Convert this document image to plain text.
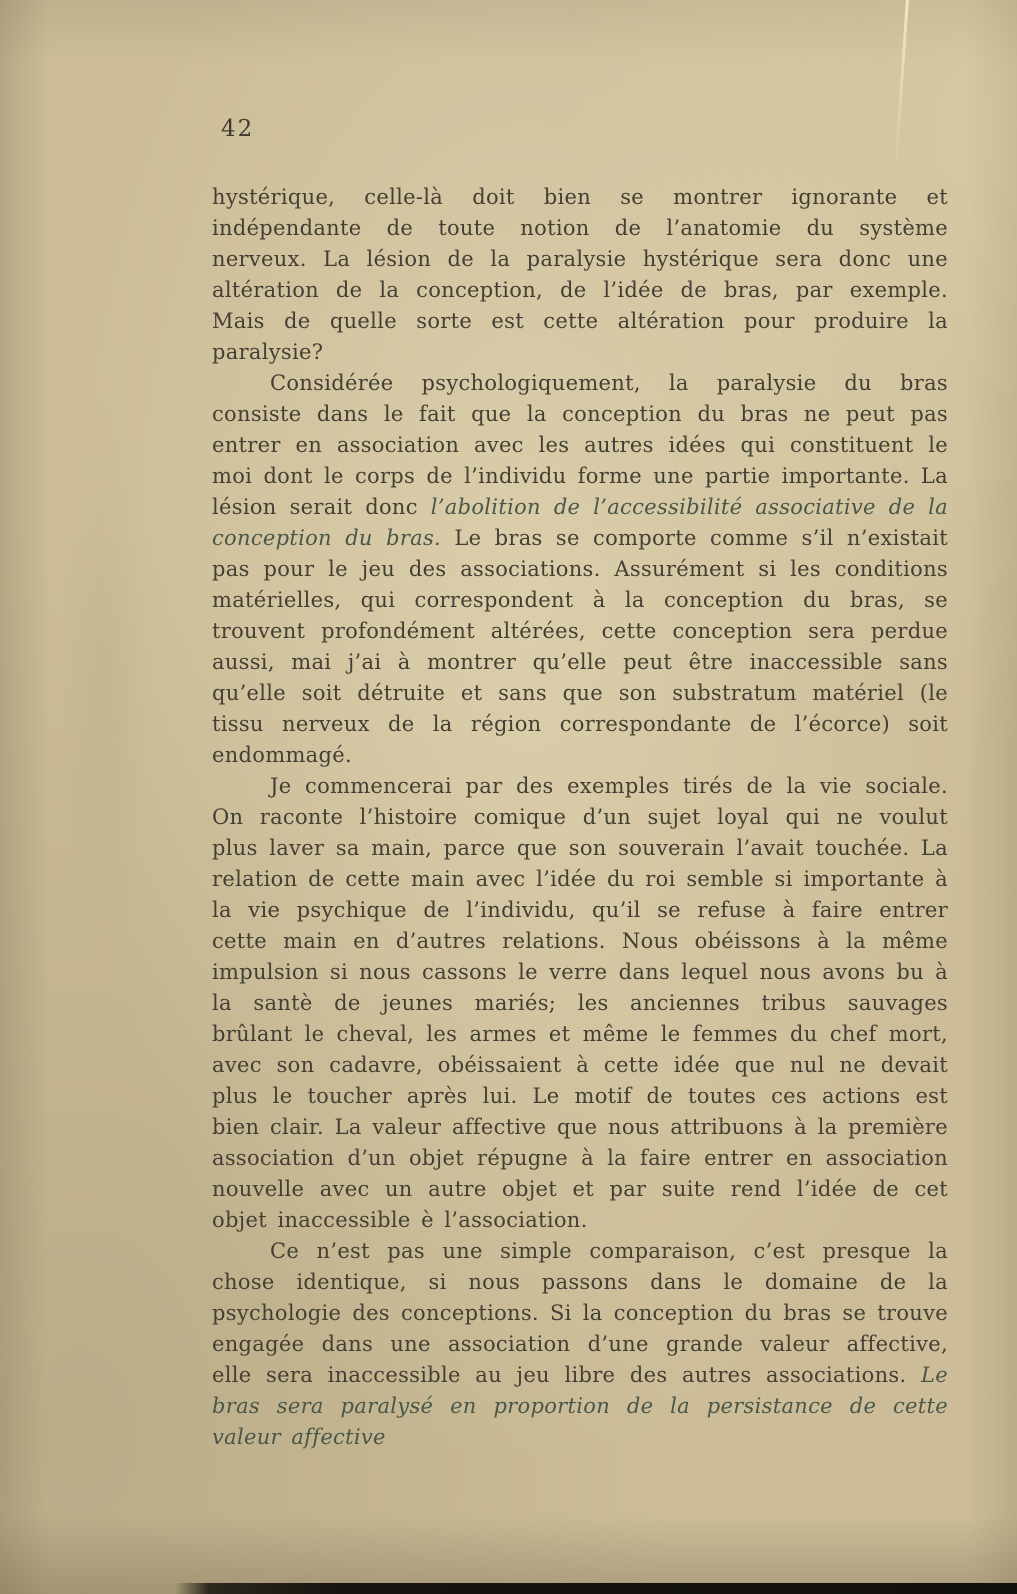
42

hystérique, celle-là doit bien se montrer ignorante et indépendante de toute notion de l’anatomie du système nerveux. La lésion de la paralysie hystérique sera donc une altération de la conception, de l’idée de bras, par exemple. Mais de quelle sorte est cette altération pour produire la paralysie?

Considérée psychologiquement, la paralysie du bras consiste dans le fait que la conception du bras ne peut pas entrer en association avec les autres idées qui constituent le moi dont le corps de l’individu forme une partie importante. La lésion serait donc l’abolition de l’accessibilité associative de la conception du bras. Le bras se comporte comme s’il n’existait pas pour le jeu des associations. Assurément si les conditions matérielles, qui correspondent à la conception du bras, se trouvent profondément altérées, cette conception sera perdue aussi, mai j’ai à montrer qu’elle peut être inaccessible sans qu’elle soit détruite et sans que son substratum matériel (le tissu nerveux de la région correspondante de l’écorce) soit endommagé.

Je commencerai par des exemples tirés de la vie sociale. On raconte l’histoire comique d’un sujet loyal qui ne voulut plus laver sa main, parce que son souverain l’avait touchée. La relation de cette main avec l’idée du roi semble si importante à la vie psychique de l’individu, qu’il se refuse à faire entrer cette main en d’autres relations. Nous obéissons à la même impulsion si nous cassons le verre dans lequel nous avons bu à la santè de jeunes mariés; les anciennes tribus sauvages brûlant le cheval, les armes et même le femmes du chef mort, avec son cadavre, obéissaient à cette idée que nul ne devait plus le toucher après lui. Le motif de toutes ces actions est bien clair. La valeur affective que nous attribuons à la première association d’un objet répugne à la faire entrer en association nouvelle avec un autre objet et par suite rend l’idée de cet objet inaccessible è l’association.

Ce n’est pas une simple comparaison, c’est presque la chose identique, si nous passons dans le domaine de la psychologie des conceptions. Si la conception du bras se trouve engagée dans une association d’une grande valeur affective, elle sera inaccessible au jeu libre des autres associations. Le bras sera paralysé en proportion de la persistance de cette valeur affective
